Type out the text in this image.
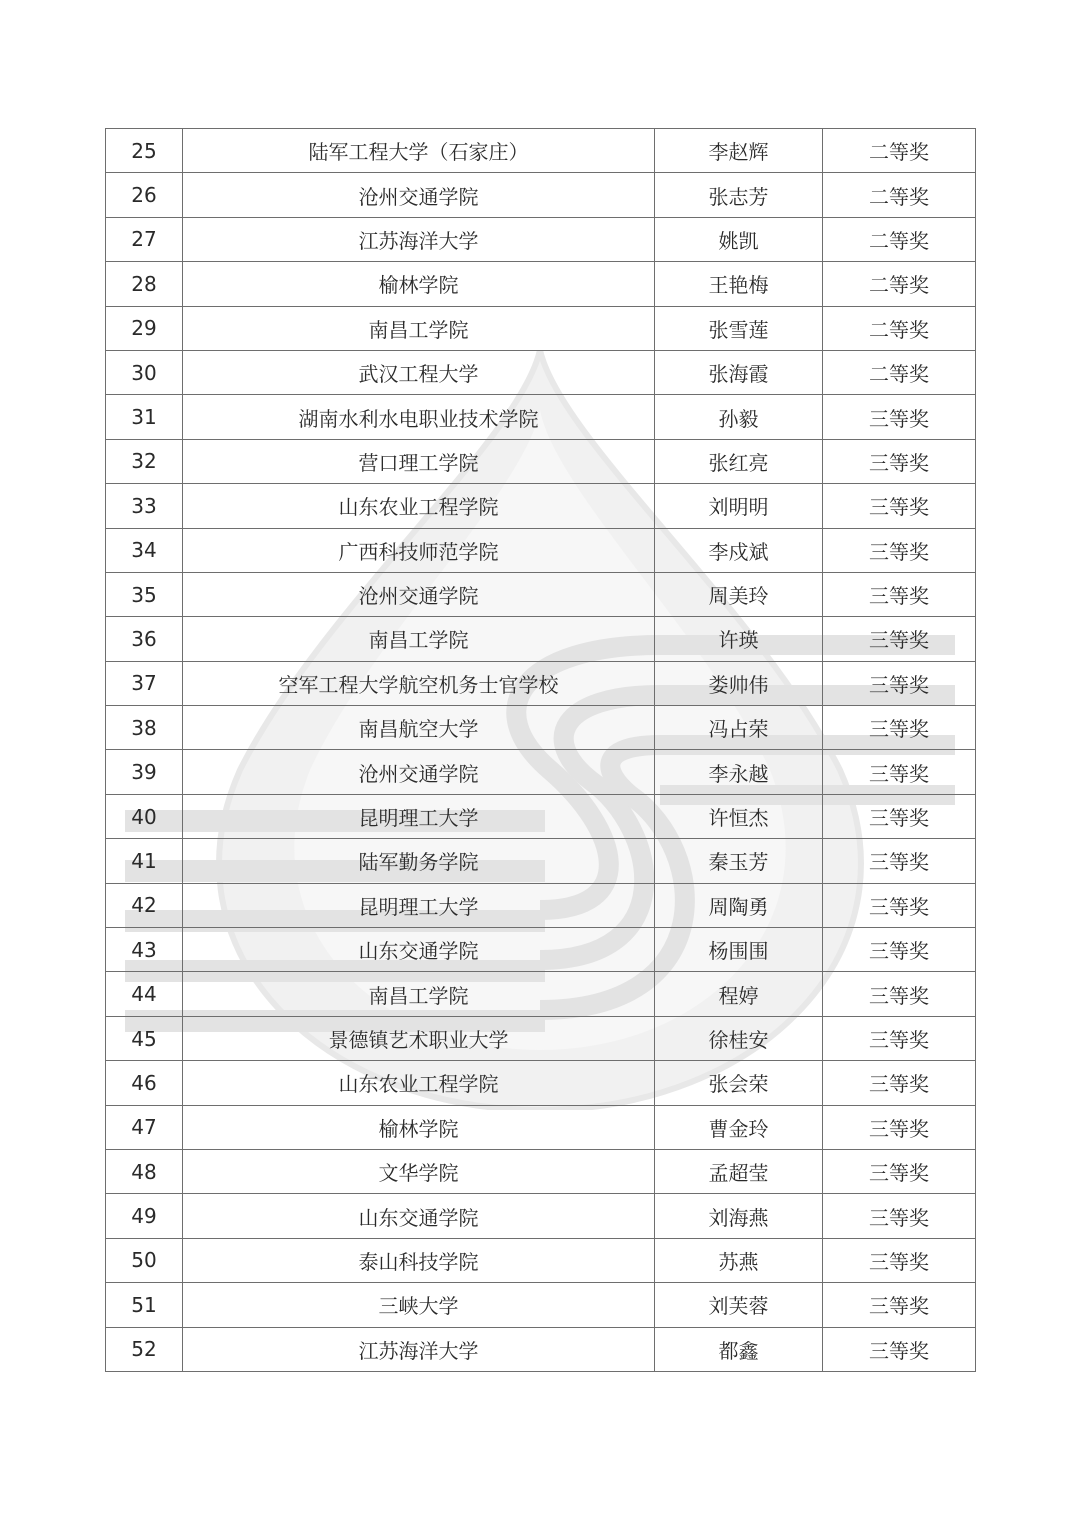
25	陆军工程大学（石家庄）	李赵辉	二等奖
26	沧州交通学院	张志芳	二等奖
27	江苏海洋大学	姚凯	二等奖
28	榆林学院	王艳梅	二等奖
29	南昌工学院	张雪莲	二等奖
30	武汉工程大学	张海霞	二等奖
31	湖南水利水电职业技术学院	孙毅	三等奖
32	营口理工学院	张红亮	三等奖
33	山东农业工程学院	刘明明	三等奖
34	广西科技师范学院	李戍斌	三等奖
35	沧州交通学院	周美玲	三等奖
36	南昌工学院	许瑛	三等奖
37	空军工程大学航空机务士官学校	娄帅伟	三等奖
38	南昌航空大学	冯占荣	三等奖
39	沧州交通学院	李永越	三等奖
40	昆明理工大学	许恒杰	三等奖
41	陆军勤务学院	秦玉芳	三等奖
42	昆明理工大学	周陶勇	三等奖
43	山东交通学院	杨围围	三等奖
44	南昌工学院	程婷	三等奖
45	景德镇艺术职业大学	徐桂安	三等奖
46	山东农业工程学院	张会荣	三等奖
47	榆林学院	曹金玲	三等奖
48	文华学院	孟超莹	三等奖
49	山东交通学院	刘海燕	三等奖
50	泰山科技学院	苏燕	三等奖
51	三峡大学	刘芙蓉	三等奖
52	江苏海洋大学	都鑫	三等奖
